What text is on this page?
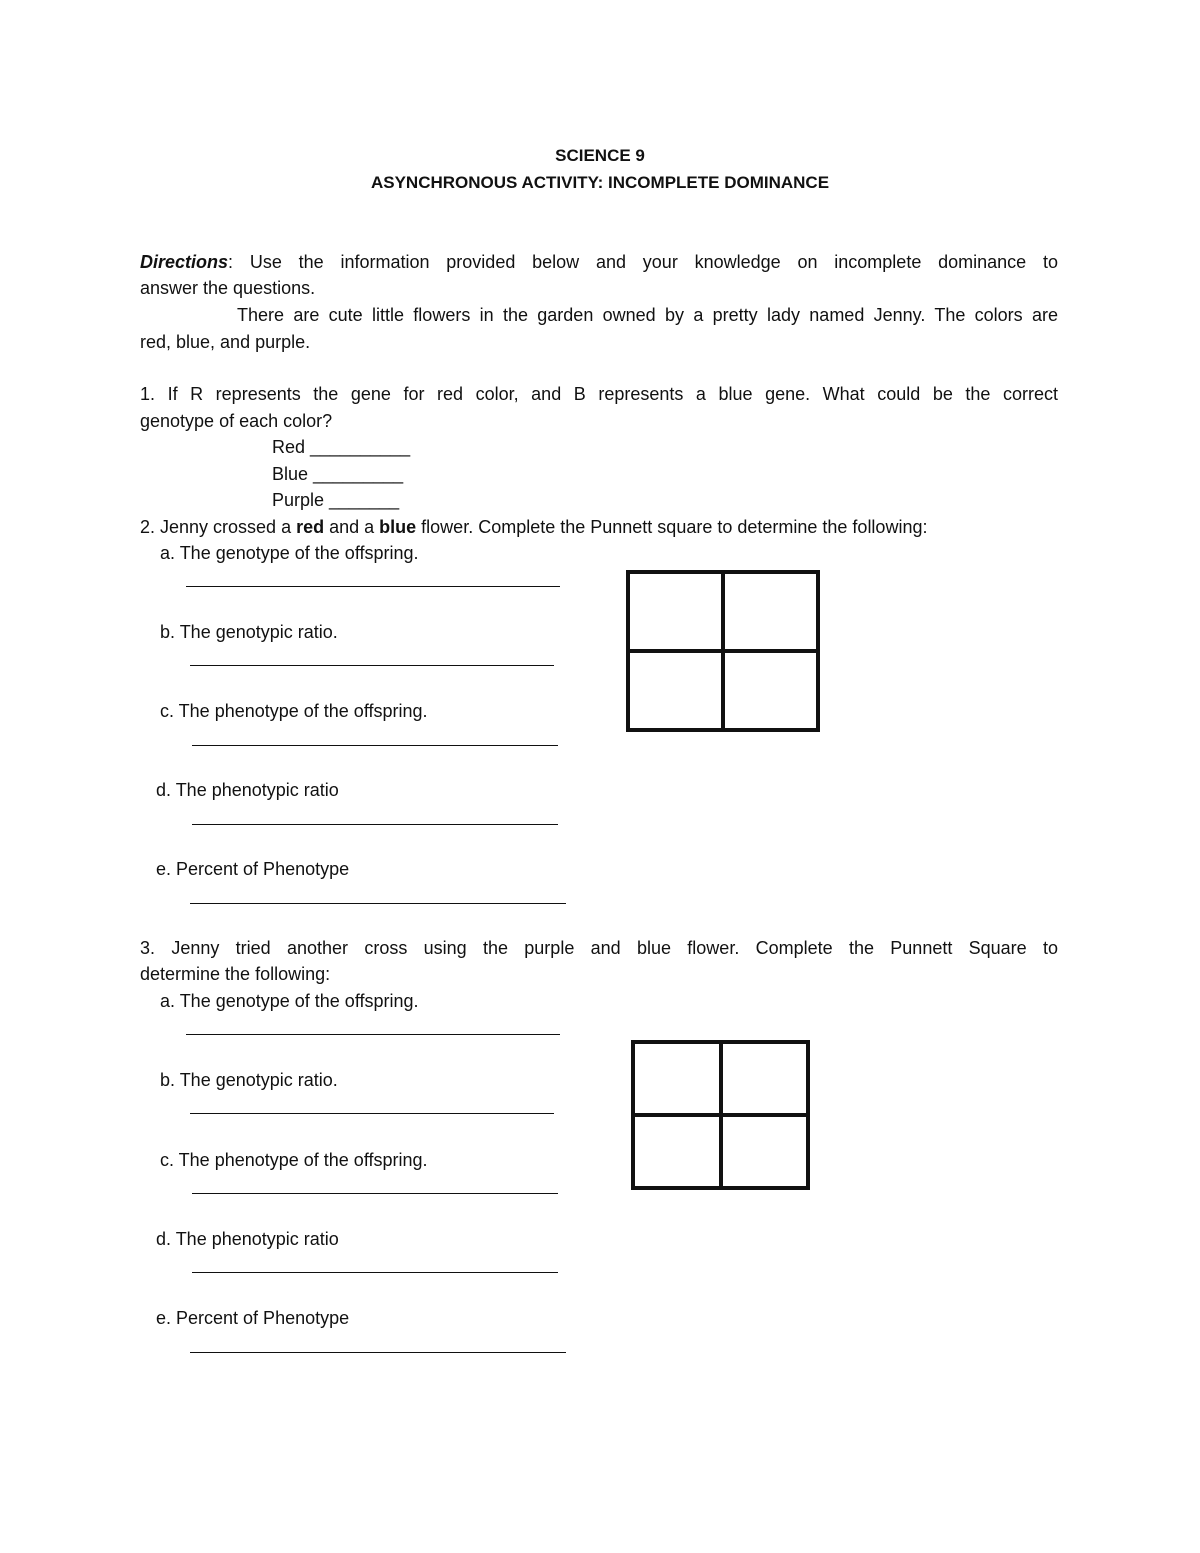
SCIENCE 9
ASYNCHRONOUS ACTIVITY: INCOMPLETE DOMINANCE
Directions: Use the information provided below and your knowledge on incomplete dominance to
answer the questions.
There are cute little flowers in the garden owned by a pretty lady named Jenny. The colors are
red, blue, and purple.
1. If R represents the gene for red color, and B represents a blue gene. What could be the correct
genotype of each color?
Red __________
Blue _________
Purple _______
2. Jenny crossed a red and a blue flower. Complete the Punnett square to determine the following:
a. The genotype of the offspring.
b. The genotypic ratio.
c. The phenotype of the offspring.
d. The phenotypic ratio
e. Percent of Phenotype
3. Jenny tried another cross using the purple and blue flower. Complete the Punnett Square to
determine the following:
a. The genotype of the offspring.
b. The genotypic ratio.
c. The phenotype of the offspring.
d. The phenotypic ratio
e. Percent of Phenotype
